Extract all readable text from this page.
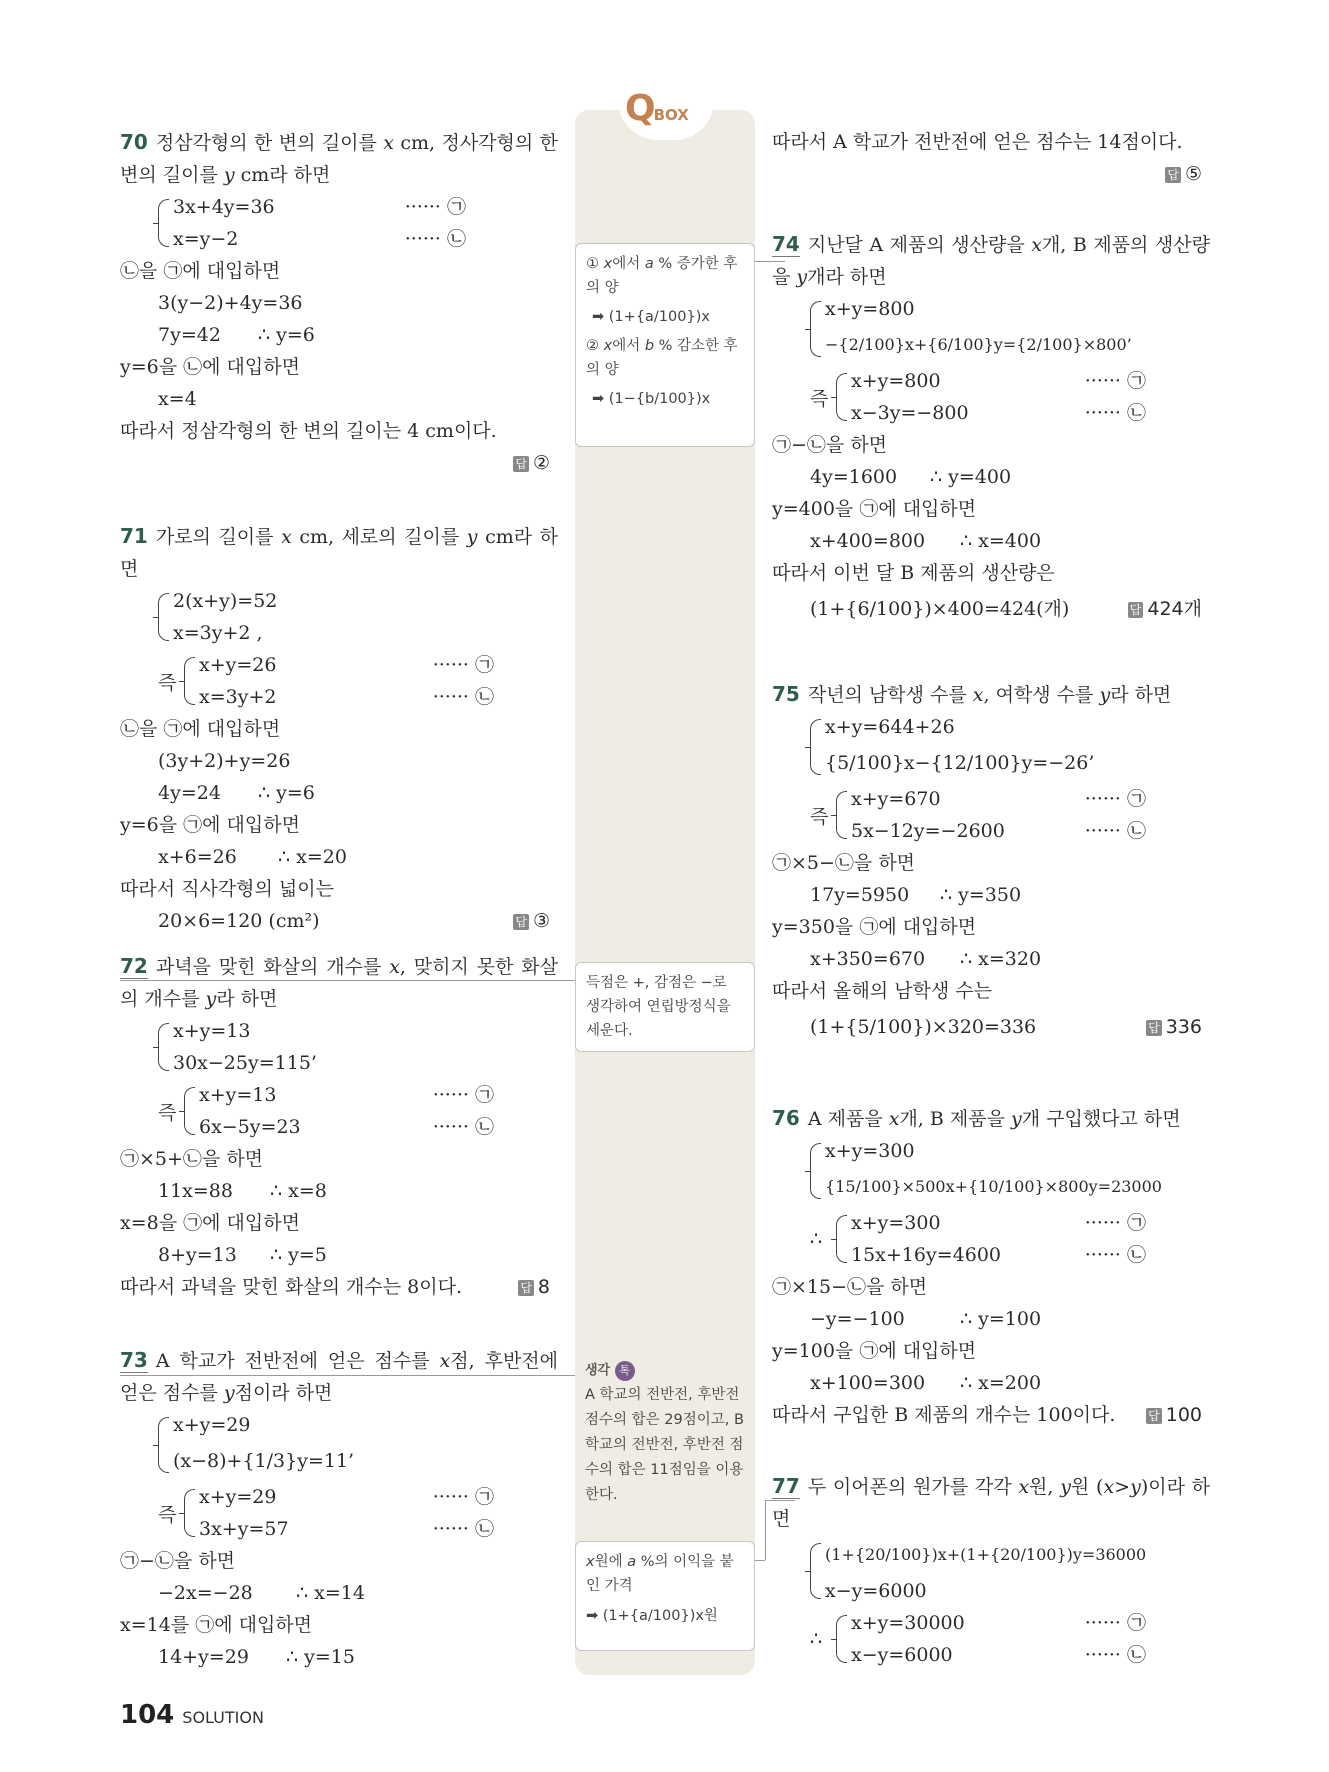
QBOX
① x에서 a % 증가한 후의 양
➡ (1+{a/100})x
② x에서 b % 감소한 후의 양
➡ (1−{b/100})x
득점은 +, 감점은 −로 생각하여 연립방정식을 세운다.
생각 톡
A 학교의 전반전, 후반전 점수의 합은 29점이고, B 학교의 전반전, 후반전 점수의 합은 11점임을 이용한다.
x원에 a %의 이익을 붙인 가격
➡ (1+{a/100})x원
70 정삼각형의 한 변의 길이를 x cm, 정사각형의 한 변의 길이를 y cm라 하면
3x+4y=36	······ ㉠
x=y−2	······ ㉡
㉡을 ㉠에 대입하면
3(y−2)+4y=36
7y=42 ∴ y=6
y=6을 ㉡에 대입하면
x=4
따라서 정삼각형의 한 변의 길이는 4 cm이다.
답 ②
71 가로의 길이를 x cm, 세로의 길이를 y cm라 하면
2(x+y)=52
x=3y+2 ,
즉
x+y=26	······ ㉠
x=3y+2	······ ㉡
㉡을 ㉠에 대입하면
(3y+2)+y=26
4y=24 ∴ y=6
y=6을 ㉠에 대입하면
x+6=26 ∴ x=20
따라서 직사각형의 넓이는
20×6=120 (cm²)	답 ③
72 과녁을 맞힌 화살의 개수를 x, 맞히지 못한 화살의 개수를 y라 하면
x+y=13
30x−25y=115’
즉
x+y=13	······ ㉠
6x−5y=23	······ ㉡
㉠×5+㉡을 하면
11x=88 ∴ x=8
x=8을 ㉠에 대입하면
8+y=13 ∴ y=5
따라서 과녁을 맞힌 화살의 개수는 8이다.	답 8
73 A 학교가 전반전에 얻은 점수를 x점, 후반전에 얻은 점수를 y점이라 하면
x+y=29
(x−8)+{1/3}y=11’
즉
x+y=29	······ ㉠
3x+y=57	······ ㉡
㉠−㉡을 하면
−2x=−28 ∴ x=14
x=14를 ㉠에 대입하면
14+y=29 ∴ y=15
따라서 A 학교가 전반전에 얻은 점수는 14점이다.
답 ⑤
74 지난달 A 제품의 생산량을 x개, B 제품의 생산량을 y개라 하면
x+y=800
−{2/100}x+{6/100}y={2/100}×800’
즉
x+y=800	······ ㉠
x−3y=−800	······ ㉡
㉠−㉡을 하면
4y=1600 ∴ y=400
y=400을 ㉠에 대입하면
x+400=800 ∴ x=400
따라서 이번 달 B 제품의 생산량은
(1+{6/100})×400=424(개)	답 424개
75 작년의 남학생 수를 x, 여학생 수를 y라 하면
x+y=644+26
{5/100}x−{12/100}y=−26’
즉
x+y=670	······ ㉠
5x−12y=−2600	······ ㉡
㉠×5−㉡을 하면
17y=5950 ∴ y=350
y=350을 ㉠에 대입하면
x+350=670 ∴ x=320
따라서 올해의 남학생 수는
(1+{5/100})×320=336	답 336
76 A 제품을 x개, B 제품을 y개 구입했다고 하면
x+y=300
{15/100}×500x+{10/100}×800y=23000
∴
x+y=300	······ ㉠
15x+16y=4600	······ ㉡
㉠×15−㉡을 하면
−y=−100	∴ y=100
y=100을 ㉠에 대입하면
x+100=300 ∴ x=200
따라서 구입한 B 제품의 개수는 100이다.	답 100
77 두 이어폰의 원가를 각각 x원, y원 (x>y)이라 하면
(1+{20/100})x+(1+{20/100})y=36000
x−y=6000
∴
x+y=30000	······ ㉠
x−y=6000	······ ㉡
104 SOLUTION
